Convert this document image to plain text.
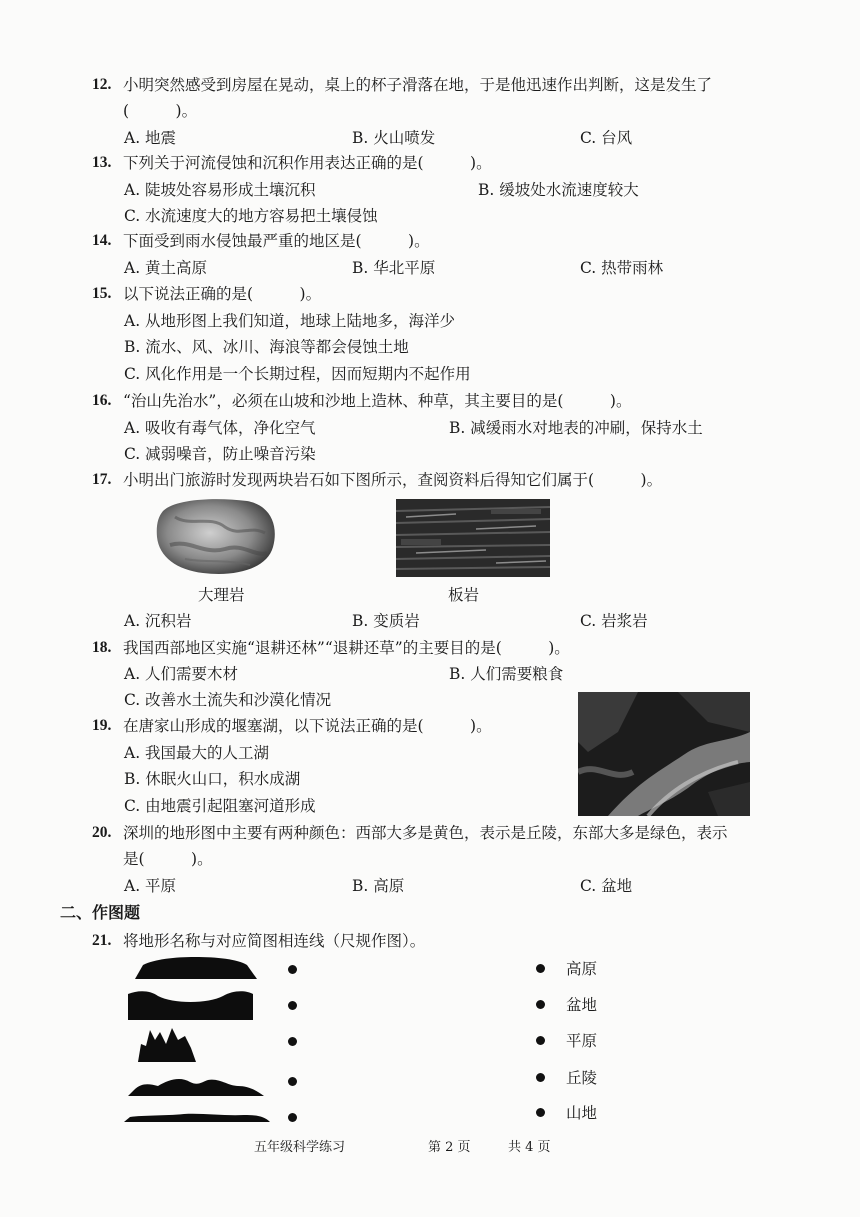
12. 小明突然感受到房屋在晃动，桌上的杯子滑落在地，于是他迅速作出判断，这是发生了
(　　　)。
A. 地震	B. 火山喷发	C. 台风
13. 下列关于河流侵蚀和沉积作用表达正确的是(　　　)。
A. 陡坡处容易形成土壤沉积	B. 缓坡处水流速度较大
C. 水流速度大的地方容易把土壤侵蚀
14. 下面受到雨水侵蚀最严重的地区是(　　　)。
A. 黄土高原	B. 华北平原	C. 热带雨林
15. 以下说法正确的是(　　　)。
A. 从地形图上我们知道，地球上陆地多，海洋少
B. 流水、风、冰川、海浪等都会侵蚀土地
C. 风化作用是一个长期过程，因而短期内不起作用
16. “治山先治水”，必须在山坡和沙地上造林、种草，其主要目的是(　　　)。
A. 吸收有毒气体，净化空气	B. 减缓雨水对地表的冲刷，保持水土
C. 减弱噪音，防止噪音污染
17. 小明出门旅游时发现两块岩石如下图所示，查阅资料后得知它们属于(　　　)。
大理岩	板岩
A. 沉积岩	B. 变质岩	C. 岩浆岩
18. 我国西部地区实施“退耕还林”“退耕还草”的主要目的是(　　　)。
A. 人们需要木材	B. 人们需要粮食
C. 改善水土流失和沙漠化情况
19. 在唐家山形成的堰塞湖，以下说法正确的是(　　　)。
A. 我国最大的人工湖
B. 休眠火山口，积水成湖
C. 由地震引起阻塞河道形成
20. 深圳的地形图中主要有两种颜色：西部大多是黄色，表示是丘陵，东部大多是绿色，表示
是(　　　)。
A. 平原	B. 高原	C. 盆地
二、作图题
21. 将地形名称与对应简图相连线（尺规作图）。
高原
盆地
平原
丘陵
山地
五年级科学练习	第 2 页	共 4 页
